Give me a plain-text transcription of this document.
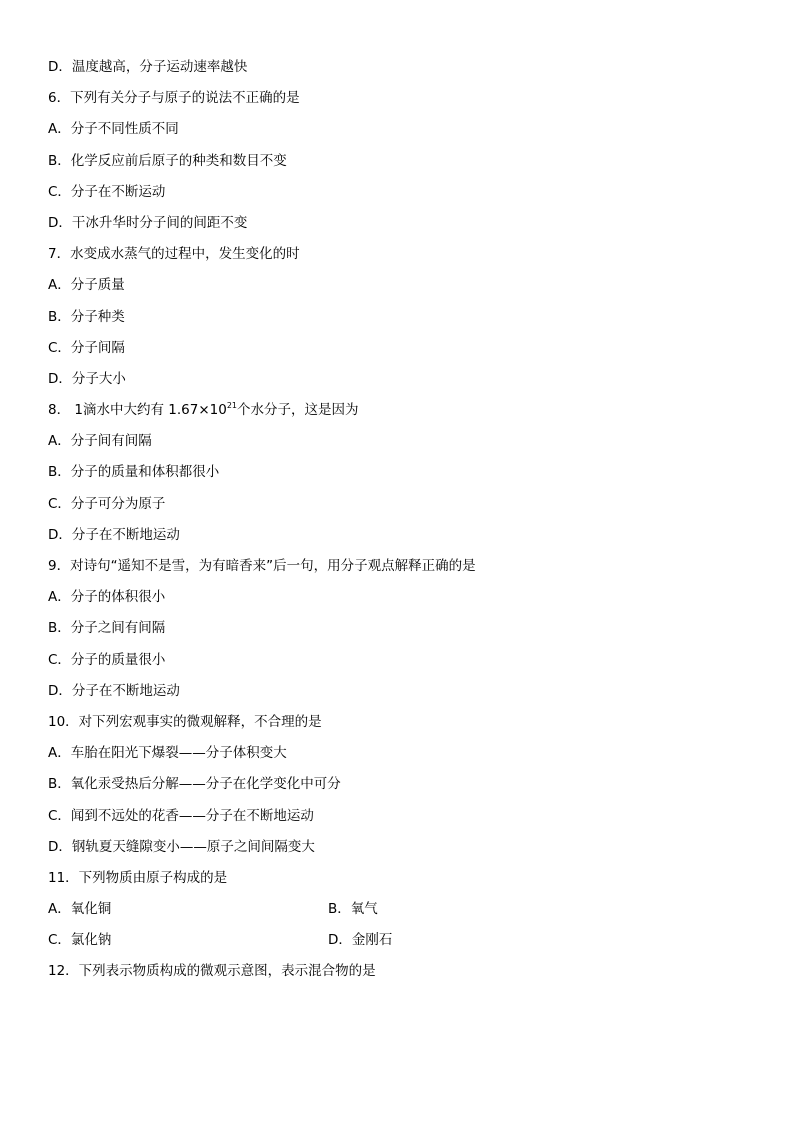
D．温度越高，分子运动速率越快
6．下列有关分子与原子的说法不正确的是
A．分子不同性质不同
B．化学反应前后原子的种类和数目不变
C．分子在不断运动
D．干冰升华时分子间的间距不变
7．水变成水蒸气的过程中，发生变化的时
A．分子质量
B．分子种类
C．分子间隔
D．分子大小
8． 1滴水中大约有 $1.67\times 10^{21}$个水分子，这是因为
A．分子间有间隔
B．分子的质量和体积都很小
C．分子可分为原子
D．分子在不断地运动
9．对诗句“遥知不是雪，为有暗香来”后一句，用分子观点解释正确的是
A．分子的体积很小
B．分子之间有间隔
C．分子的质量很小
D．分子在不断地运动
10．对下列宏观事实的微观解释，不合理的是
A．车胎在阳光下爆裂——分子体积变大
B．氧化汞受热后分解——分子在化学变化中可分
C．闻到不远处的花香——分子在不断地运动
D．钢轨夏天缝隙变小——原子之间间隔变大
11．下列物质由原子构成的是
A．氧化铜	B．氧气
C．氯化钠	D．金刚石
12．下列表示物质构成的微观示意图，表示混合物的是
